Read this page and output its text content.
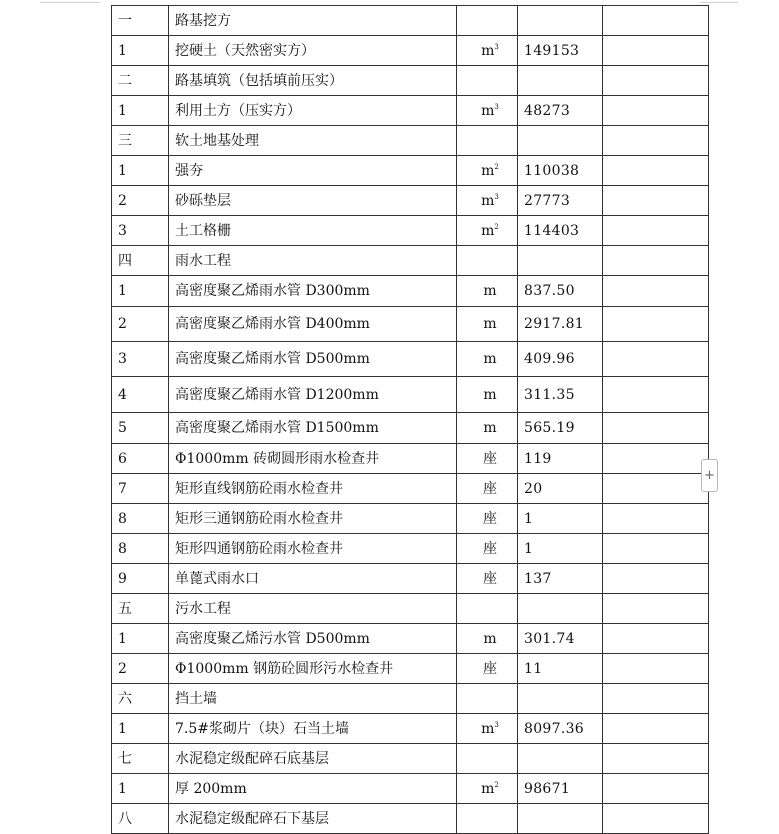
一	路基挖方			
1	挖硬土（天然密实方）	$m^3$	149153	
二	路基填筑（包括填前压实）			
1	利用土方（压实方）	$m^3$	48273	
三	软土地基处理			
1	强夯	$m^2$	110038	
2	砂砾垫层	$m^3$	27773	
3	土工格栅	$m^2$	114403	
四	雨水工程			
1	高密度聚乙烯雨水管 D300mm	m	837.50	
2	高密度聚乙烯雨水管 D400mm	m	2917.81	
3	高密度聚乙烯雨水管 D500mm	m	409.96	
4	高密度聚乙烯雨水管 D1200mm	m	311.35	
5	高密度聚乙烯雨水管 D1500mm	m	565.19	
6	Φ1000mm 砖砌圆形雨水检查井	座	119	
7	矩形直线钢筋砼雨水检查井	座	20	
8	矩形三通钢筋砼雨水检查井	座	1	
8	矩形四通钢筋砼雨水检查井	座	1	
9	单蓖式雨水口	座	137	
五	污水工程			
1	高密度聚乙烯污水管 D500mm	m	301.74	
2	Φ1000mm 钢筋砼圆形污水检查井	座	11	
六	挡土墙			
1	7.5#浆砌片（块）石当土墙	$m^3$	8097.36	
七	水泥稳定级配碎石底基层			
1	厚 200mm	$m^2$	98671	
八	水泥稳定级配碎石下基层			
+
